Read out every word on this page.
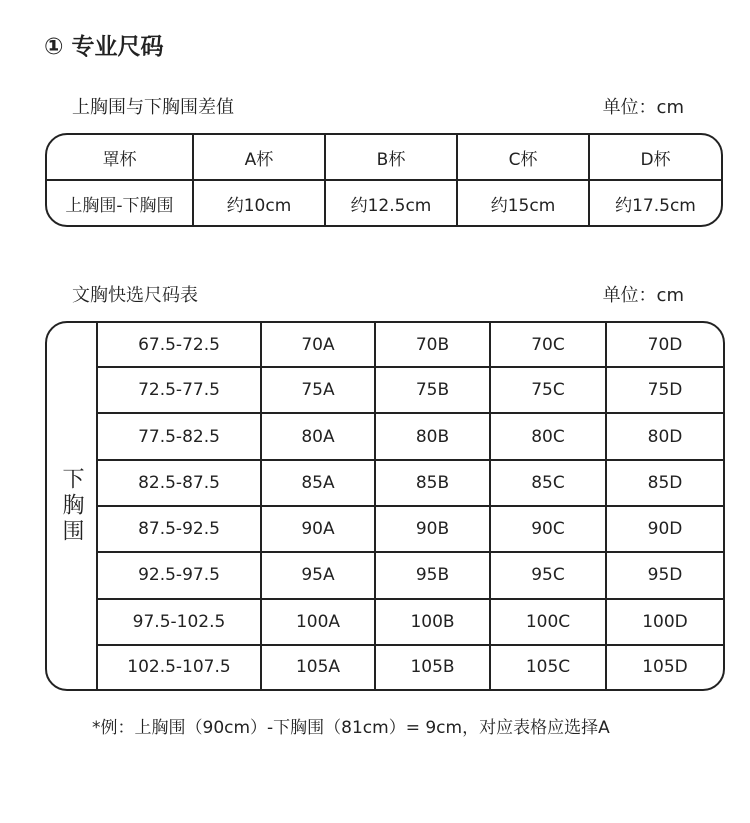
① 专业尺码
上胸围与下胸围差值	单位：cm
罩杯	A杯	B杯	C杯	D杯
上胸围-下胸围	约10cm	约12.5cm	约15cm	约17.5cm
文胸快选尺码表	单位：cm
下胸围	67.5-72.5	70A	70B	70C	70D
	72.5-77.5	75A	75B	75C	75D
	77.5-82.5	80A	80B	80C	80D
	82.5-87.5	85A	85B	85C	85D
	87.5-92.5	90A	90B	90C	90D
	92.5-97.5	95A	95B	95C	95D
	97.5-102.5	100A	100B	100C	100D
	102.5-107.5	105A	105B	105C	105D
*例：上胸围（90cm）-下胸围（81cm）= 9cm，对应表格应选择A
